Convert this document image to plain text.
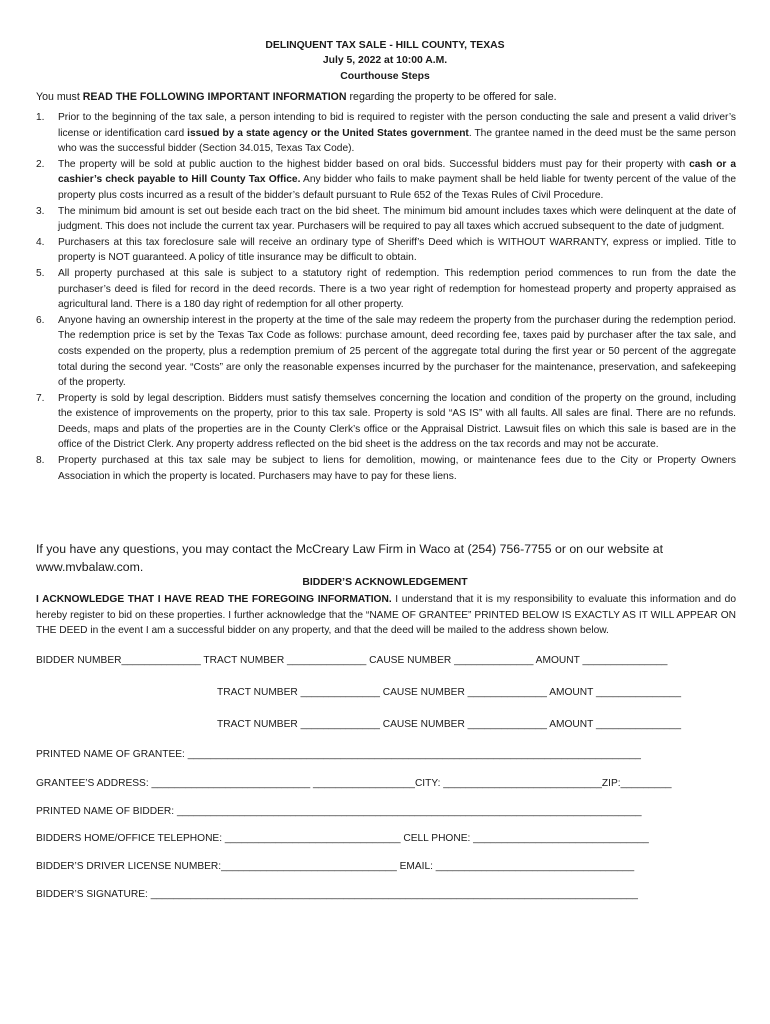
DELINQUENT TAX SALE - HILL COUNTY, TEXAS
July 5, 2022 at 10:00 A.M.
Courthouse Steps
You must READ THE FOLLOWING IMPORTANT INFORMATION regarding the property to be offered for sale.
1. Prior to the beginning of the tax sale, a person intending to bid is required to register with the person conducting the sale and present a valid driver’s license or identification card issued by a state agency or the United States government. The grantee named in the deed must be the same person who was the successful bidder (Section 34.015, Texas Tax Code).
2. The property will be sold at public auction to the highest bidder based on oral bids. Successful bidders must pay for their property with cash or a cashier’s check payable to Hill County Tax Office. Any bidder who fails to make payment shall be held liable for twenty percent of the value of the property plus costs incurred as a result of the bidder’s default pursuant to Rule 652 of the Texas Rules of Civil Procedure.
3. The minimum bid amount is set out beside each tract on the bid sheet. The minimum bid amount includes taxes which were delinquent at the date of judgment. This does not include the current tax year. Purchasers will be required to pay all taxes which accrued subsequent to the date of judgment.
4. Purchasers at this tax foreclosure sale will receive an ordinary type of Sheriff’s Deed which is WITHOUT WARRANTY, express or implied. Title to property is NOT guaranteed. A policy of title insurance may be difficult to obtain.
5. All property purchased at this sale is subject to a statutory right of redemption. This redemption period commences to run from the date the purchaser’s deed is filed for record in the deed records. There is a two year right of redemption for homestead property and property appraised as agricultural land. There is a 180 day right of redemption for all other property.
6. Anyone having an ownership interest in the property at the time of the sale may redeem the property from the purchaser during the redemption period. The redemption price is set by the Texas Tax Code as follows: purchase amount, deed recording fee, taxes paid by purchaser after the tax sale, and costs expended on the property, plus a redemption premium of 25 percent of the aggregate total during the first year or 50 percent of the aggregate total during the second year. “Costs” are only the reasonable expenses incurred by the purchaser for the maintenance, preservation, and safekeeping of the property.
7. Property is sold by legal description. Bidders must satisfy themselves concerning the location and condition of the property on the ground, including the existence of improvements on the property, prior to this tax sale. Property is sold “AS IS” with all faults. All sales are final. There are no refunds. Deeds, maps and plats of the properties are in the County Clerk’s office or the Appraisal District. Lawsuit files on which this sale is based are in the office of the District Clerk. Any property address reflected on the bid sheet is the address on the tax records and may not be accurate.
8. Property purchased at this tax sale may be subject to liens for demolition, mowing, or maintenance fees due to the City or Property Owners Association in which the property is located. Purchasers may have to pay for these liens.
If you have any questions, you may contact the McCreary Law Firm in Waco at (254) 756-7755 or on our website at www.mvbalaw.com.
BIDDER’S ACKNOWLEDGEMENT
I ACKNOWLEDGE THAT I HAVE READ THE FOREGOING INFORMATION. I understand that it is my responsibility to evaluate this information and do hereby register to bid on these properties. I further acknowledge that the “NAME OF GRANTEE” PRINTED BELOW IS EXACTLY AS IT WILL APPEAR ON THE DEED in the event I am a successful bidder on any property, and that the deed will be mailed to the address shown below.
BIDDER NUMBER______________ TRACT NUMBER ______________ CAUSE NUMBER ______________ AMOUNT _______________
TRACT NUMBER ______________ CAUSE NUMBER ______________ AMOUNT _______________
TRACT NUMBER ______________ CAUSE NUMBER ______________ AMOUNT _______________
PRINTED NAME OF GRANTEE: ________________________________________________________________________________
GRANTEE’S ADDRESS: ____________________________ __________________CITY: ____________________________ZIP:_________
PRINTED NAME OF BIDDER: __________________________________________________________________________________
BIDDERS HOME/OFFICE TELEPHONE: _______________________________ CELL PHONE: _______________________________
BIDDER’S DRIVER LICENSE NUMBER:_______________________________ EMAIL: ___________________________________
BIDDER’S SIGNATURE: ______________________________________________________________________________________
